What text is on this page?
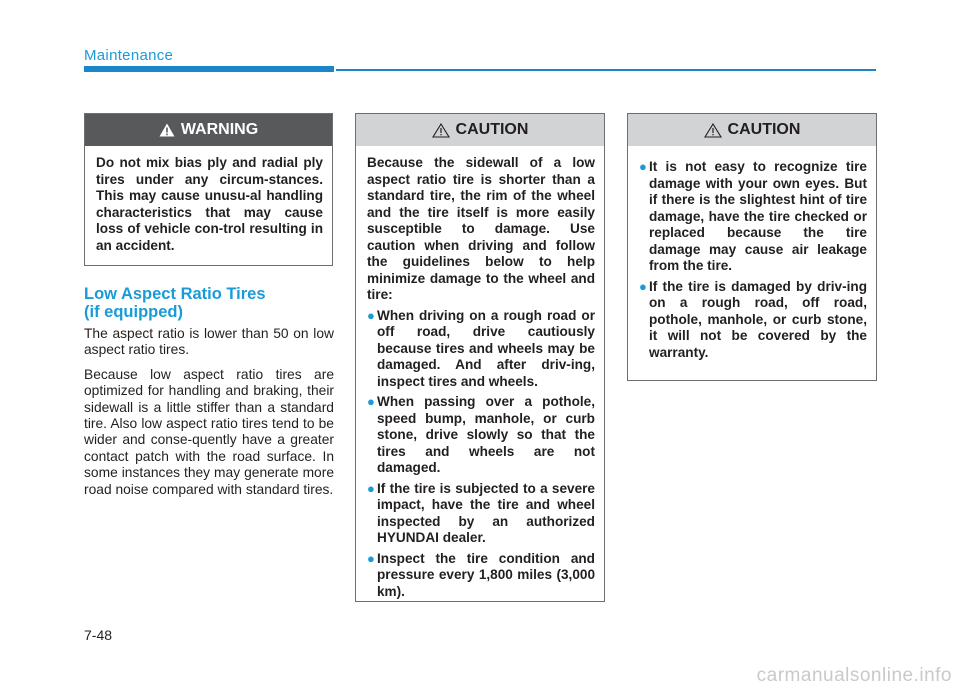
Maintenance
WARNING

Do not mix bias ply and radial ply tires under any circum-stances. This may cause unusu-al handling characteristics that may cause loss of vehicle con-trol resulting in an accident.

Low Aspect Ratio Tires
(if equipped)

The aspect ratio is lower than 50 on low aspect ratio tires.

Because low aspect ratio tires are optimized for handling and braking, their sidewall is a little stiffer than a standard tire. Also low aspect ratio tires tend to be wider and conse-quently have a greater contact patch with the road surface. In some instances they may generate more road noise compared with standard tires.

CAUTION

Because the sidewall of a low aspect ratio tire is shorter than a standard tire, the rim of the wheel and the tire itself is more easily susceptible to damage. Use caution when driving and follow the guidelines below to help minimize damage to the wheel and tire:

● When driving on a rough road or off road, drive cautiously because tires and wheels may be damaged. And after driv-ing, inspect tires and wheels.
● When passing over a pothole, speed bump, manhole, or curb stone, drive slowly so that the tires and wheels are not damaged.
● If the tire is subjected to a severe impact, have the tire and wheel inspected by an authorized HYUNDAI dealer.
● Inspect the tire condition and pressure every 1,800 miles (3,000 km).
CAUTION
● It is not easy to recognize tire damage with your own eyes. But if there is the slightest hint of tire damage, have the tire checked or replaced because the tire damage may cause air leakage from the tire.
● If the tire is damaged by driv-ing on a rough road, off road, pothole, manhole, or curb stone, it will not be covered by the warranty.
7-48
carmanualsonline.info
